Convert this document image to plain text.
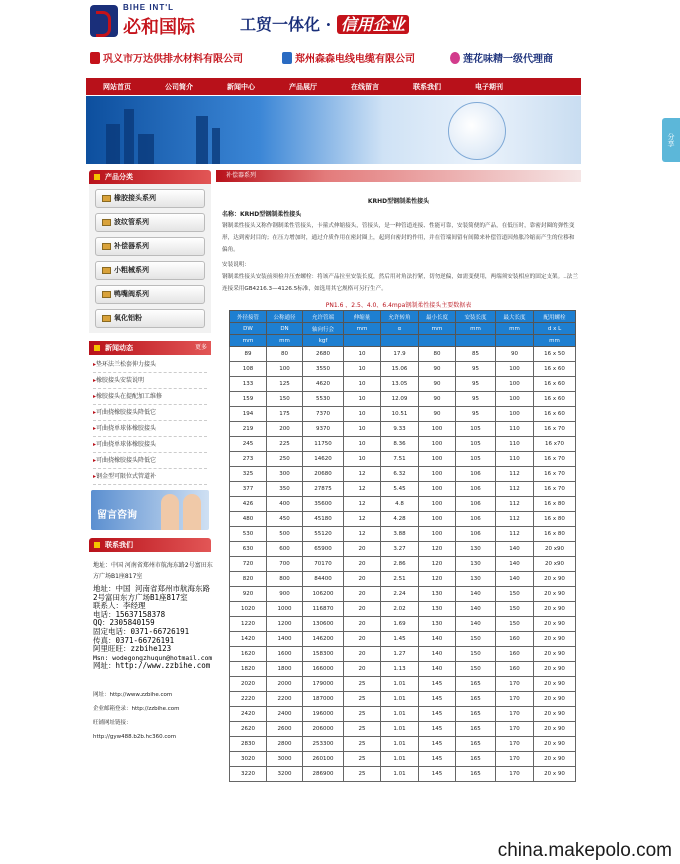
BIHE INT'L
必和国际	工贸一体化 · 信用企业
巩义市万达供排水材料有限公司	郑州森森电线电缆有限公司	莲花味精一级代理商
网站首页	公司简介	新闻中心	产品展厅	在线留言	联系我们	电子期刊
分享
产品分类
橡胶接头系列
波纹管系列
补偿器系列
小粗械系列
鸭嘴阀系列
氧化铝粉
新闻动态	更多
▸ 垫环法兰松套伸力接头
▸ 橡胶接头安装说明
▸ 橡胶接头在提配加工维修
▸ 可曲挠橡胶接头降低它
▸ 可曲挠单球体橡胶接头
▸ 可曲挠单球体橡胶接头
▸ 可曲挠橡胶接头降低它
▸ 钢金型可限位式管道补
留言咨询
联系我们
地址：中国 河南省郑州市航海东路2号富田东方广场B1座817室
地址：中国 河南省郑州市航海东路
2号富田东方广场B1座817室
联系人：李经理
电话：15637158378
QQ：2305840159
固定电话：0371-66726191
传真：0371-66726191
阿里旺旺：zzbihe123
Msn: wodegongzhuqun@hotmail.com
网址：http://www.zzbihe.com
网址：http://www.zzbihe.com
企业邮箱登录：http://zzbihe.com
旺铺网址链接：
http://gyw488.b2b.hc360.com
补偿器系列
KRHD型钢制柔性接头
名称：KRHD型钢制柔性接头
钢制柔性接头又称作钢制柔性管接头，卡箍式伸缩接头，管接头，是一种管道连接、性能可靠，安装简便的产品，在低压时，靠密封圈的弹性变形，达到密封目的；在压力增加时，通过介质作用在密封圈上，起到自密封的作用，并在管端间留有间隙来补偿管道因热胀冷缩而产生的位移和偏角。
安装说明：
钢制柔性接头安装前须检并压查螺栓：将该产品拉至安装长度，然后用对角法拧紧，切勿逆偏，如需变便用，两端须安装相应的固定支架。..法兰连接采用GB4216.3—4126.5标准，如选用其它规格可另行生产。
PN1.6 、2.5、4.0、6.4mpa钢制柔性接头主要数据表
外径接管	公称通径	允许管端	伸缩量	允许转角	最小长度	安装长度	最大长度	配用螺栓
DW	DN	轴向行会	mm	α	mm	mm	mm	d x L
mm	mm	kgf						mm
89	80	2680	10	17.9	80	85	90	16 x 50
108	100	3550	10	15.06	90	95	100	16 x 60
133	125	4620	10	13.05	90	95	100	16 x 60
159	150	5530	10	12.09	90	95	100	16 x 60
194	175	7370	10	10.51	90	95	100	16 x 60
219	200	9370	10	9.33	100	105	110	16 x 70
245	225	11750	10	8.36	100	105	110	16 x70
273	250	14620	10	7.51	100	105	110	16 x 70
325	300	20680	12	6.32	100	106	112	16 x 70
377	350	27875	12	5.45	100	106	112	16 x 70
426	400	35600	12	4.8	100	106	112	16 x 80
480	450	45180	12	4.28	100	106	112	16 x 80
530	500	55120	12	3.88	100	106	112	16 x 80
630	600	65900	20	3.27	120	130	140	20 x90
720	700	70170	20	2.86	120	130	140	20 x90
820	800	84400	20	2.51	120	130	140	20 x 90
920	900	106200	20	2.24	130	140	150	20 x 90
1020	1000	116870	20	2.02	130	140	150	20 x 90
1220	1200	130600	20	1.69	130	140	150	20 x 90
1420	1400	146200	20	1.45	140	150	160	20 x 90
1620	1600	158300	20	1.27	140	150	160	20 x 90
1820	1800	166000	20	1.13	140	150	160	20 x 90
2020	2000	179000	25	1.01	145	165	170	20 x 90
2220	2200	187000	25	1.01	145	165	170	20 x 90
2420	2400	196000	25	1.01	145	165	170	20 x 90
2620	2600	206000	25	1.01	145	165	170	20 x 90
2830	2800	253300	25	1.01	145	165	170	20 x 90
3020	3000	260100	25	1.01	145	165	170	20 x 90
3220	3200	286900	25	1.01	145	165	170	20 x 90
china.makepolo.com
